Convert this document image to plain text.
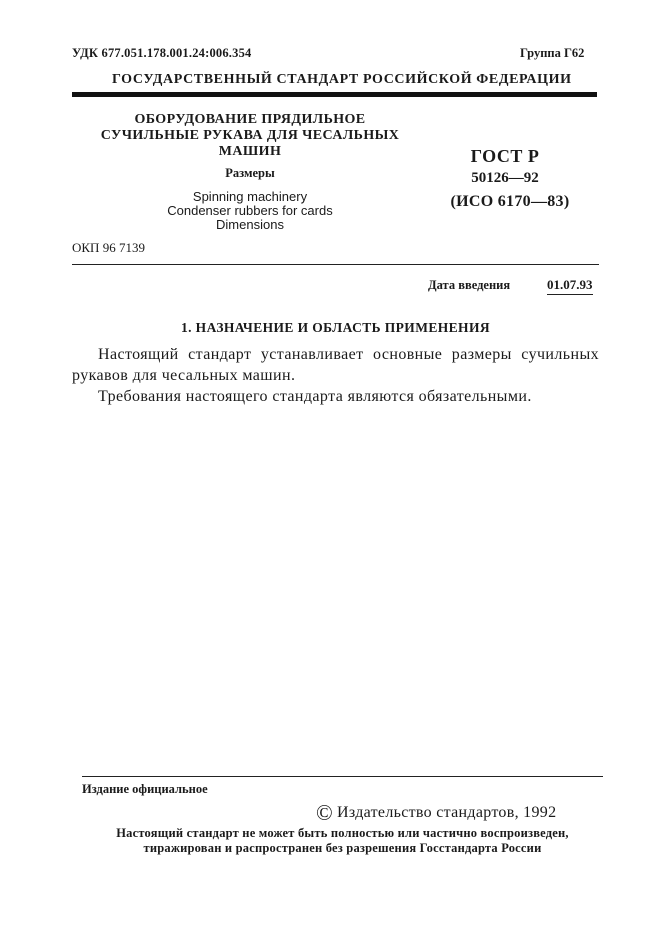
УДК 677.051.178.001.24:006.354	Группа Г62
ГОСУДАРСТВЕННЫЙ СТАНДАРТ РОССИЙСКОЙ ФЕДЕРАЦИИ
ОБОРУДОВАНИЕ ПРЯДИЛЬНОЕ
СУЧИЛЬНЫЕ РУКАВА ДЛЯ ЧЕСАЛЬНЫХ
МАШИН
Размеры
Spinning machinery
Condenser rubbers for cards
Dimensions
ГОСТ Р
50126—92
(ИСО 6170—83)
ОКП 96 7139
Дата введения	01.07.93
1. НАЗНАЧЕНИЕ И ОБЛАСТЬ ПРИМЕНЕНИЯ
Настоящий стандарт устанавливает основные размеры сучильных рукавов для чесальных машин.
Требования настоящего стандарта являются обязательными.
Издание официальное
© Издательство стандартов, 1992
Настоящий стандарт не может быть полностью или частично воспроизведен,
тиражирован и распространен без разрешения Госстандарта России
